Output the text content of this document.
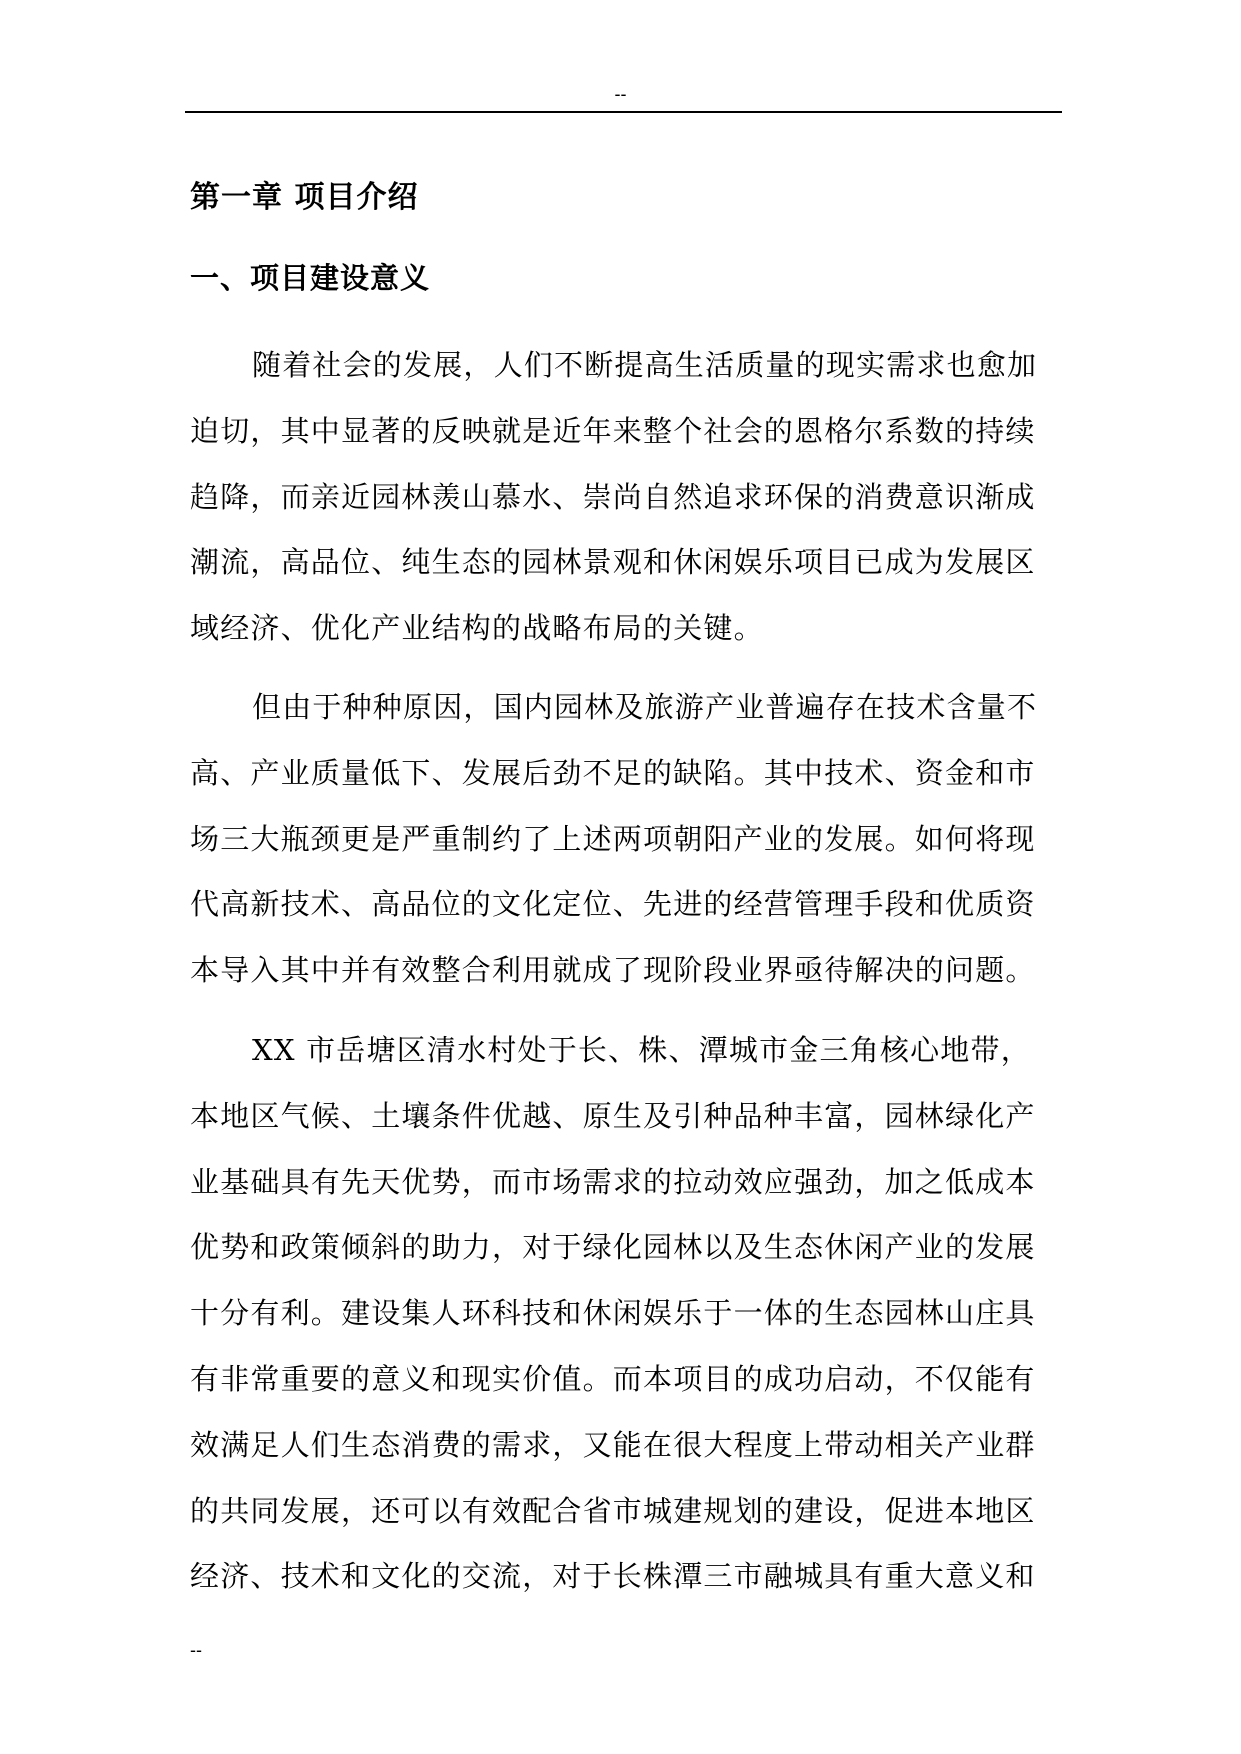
--
第一章 项目介绍
一、项目建设意义
随着社会的发展，人们不断提高生活质量的现实需求也愈加
迫切，其中显著的反映就是近年来整个社会的恩格尔系数的持续
趋降，而亲近园林羡山慕水、崇尚自然追求环保的消费意识渐成
潮流，高品位、纯生态的园林景观和休闲娱乐项目已成为发展区
域经济、优化产业结构的战略布局的关键。
但由于种种原因，国内园林及旅游产业普遍存在技术含量不
高、产业质量低下、发展后劲不足的缺陷。其中技术、资金和市
场三大瓶颈更是严重制约了上述两项朝阳产业的发展。如何将现
代高新技术、高品位的文化定位、先进的经营管理手段和优质资
本导入其中并有效整合利用就成了现阶段业界亟待解决的问题。
XX 市岳塘区清水村处于长、株、潭城市金三角核心地带，
本地区气候、土壤条件优越、原生及引种品种丰富，园林绿化产
业基础具有先天优势，而市场需求的拉动效应强劲，加之低成本
优势和政策倾斜的助力，对于绿化园林以及生态休闲产业的发展
十分有利。建设集人环科技和休闲娱乐于一体的生态园林山庄具
有非常重要的意义和现实价值。而本项目的成功启动，不仅能有
效满足人们生态消费的需求，又能在很大程度上带动相关产业群
的共同发展，还可以有效配合省市城建规划的建设，促进本地区
经济、技术和文化的交流，对于长株潭三市融城具有重大意义和
--
